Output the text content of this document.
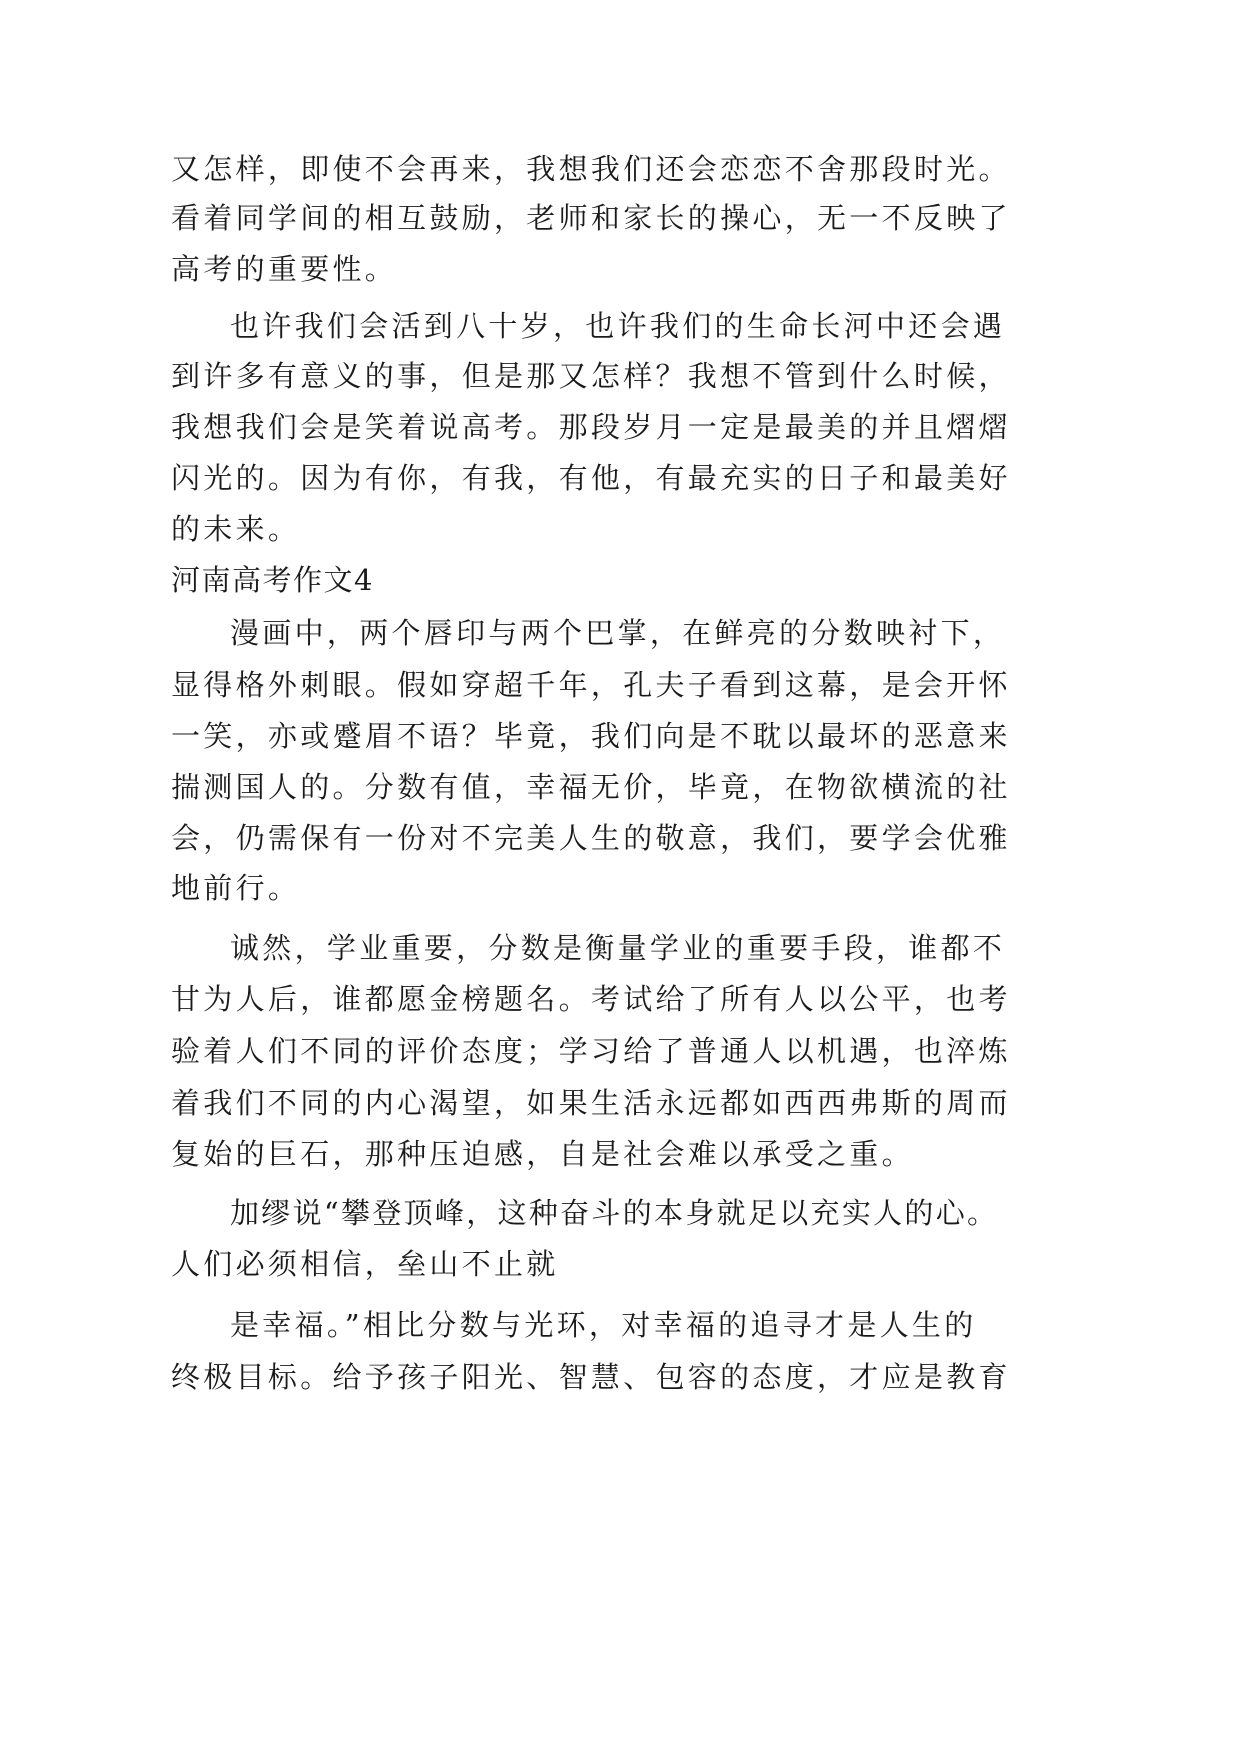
又怎样，即使不会再来，我想我们还会恋恋不舍那段时光。
看着同学间的相互鼓励，老师和家长的操心，无一不反映了
高考的重要性。
也许我们会活到八十岁，也许我们的生命长河中还会遇
到许多有意义的事，但是那又怎样？我想不管到什么时候，
我想我们会是笑着说高考。那段岁月一定是最美的并且熠熠
闪光的。因为有你，有我，有他，有最充实的日子和最美好
的未来。
河南高考作文4
漫画中，两个唇印与两个巴掌，在鲜亮的分数映衬下，
显得格外刺眼。假如穿超千年，孔夫子看到这幕，是会开怀
一笑，亦或蹙眉不语？毕竟，我们向是不耽以最坏的恶意来
揣测国人的。分数有值，幸福无价，毕竟，在物欲横流的社
会，仍需保有一份对不完美人生的敬意，我们，要学会优雅
地前行。
诚然，学业重要，分数是衡量学业的重要手段，谁都不
甘为人后，谁都愿金榜题名。考试给了所有人以公平，也考
验着人们不同的评价态度；学习给了普通人以机遇，也淬炼
着我们不同的内心渴望，如果生活永远都如西西弗斯的周而
复始的巨石，那种压迫感，自是社会难以承受之重。
加缪说“攀登顶峰，这种奋斗的本身就足以充实人的心。
人们必须相信，垒山不止就
是幸福。”相比分数与光环，对幸福的追寻才是人生的
终极目标。给予孩子阳光、智慧、包容的态度，才应是教育
